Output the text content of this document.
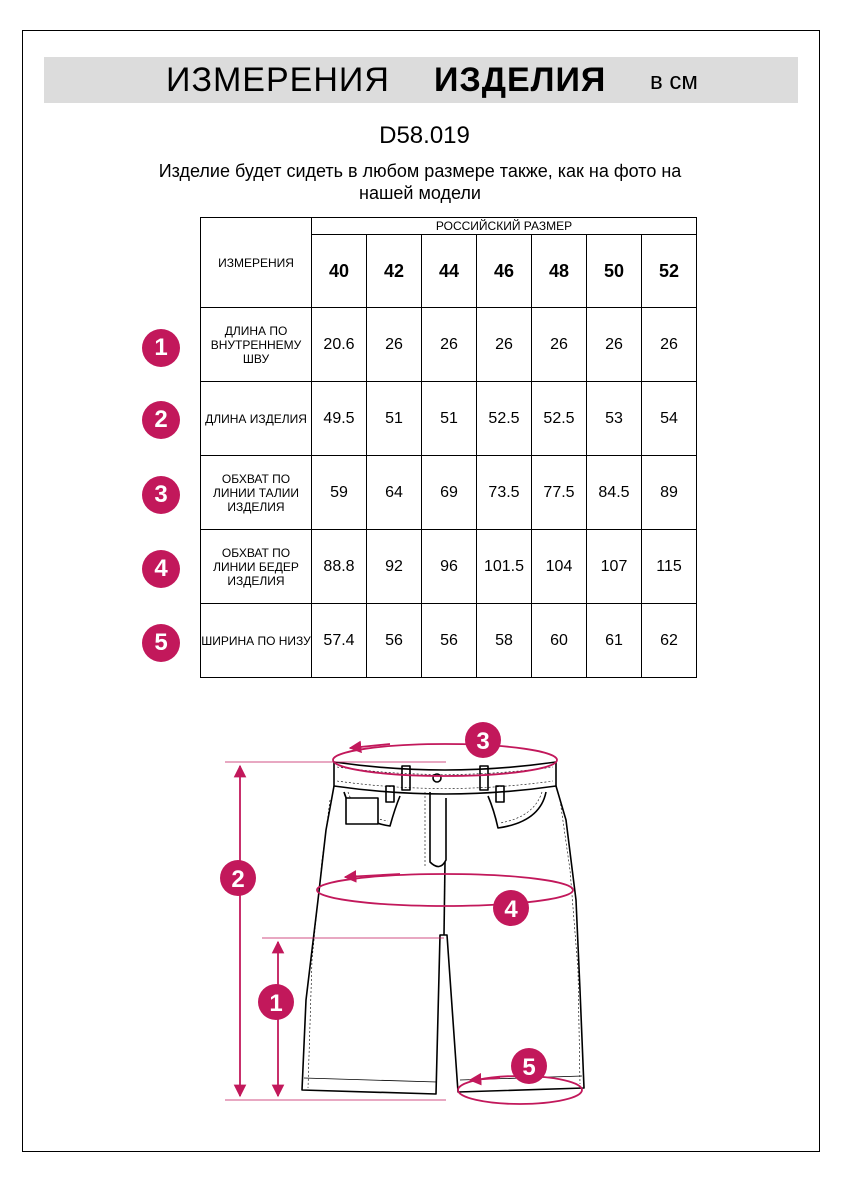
ИЗМЕРЕНИЯ ИЗДЕЛИЯ в см
D58.019
Изделие будет сидеть в любом размере также, как на фото на нашей модели
ИЗМЕРЕНИЯ	РОССИЙСКИЙ РАЗМЕР						
	40	42	44	46	48	50	52
ДЛИНА ПО ВНУТРЕННЕМУ ШВУ	20.6	26	26	26	26	26	26
ДЛИНА ИЗДЕЛИЯ	49.5	51	51	52.5	52.5	53	54
ОБХВАТ ПО ЛИНИИ ТАЛИИ ИЗДЕЛИЯ	59	64	69	73.5	77.5	84.5	89
ОБХВАТ ПО ЛИНИИ БЕДЕР ИЗДЕЛИЯ	88.8	92	96	101.5	104	107	115
ШИРИНА ПО НИЗУ	57.4	56	56	58	60	61	62
1
2
3
4
5
1
2
3
4
5
